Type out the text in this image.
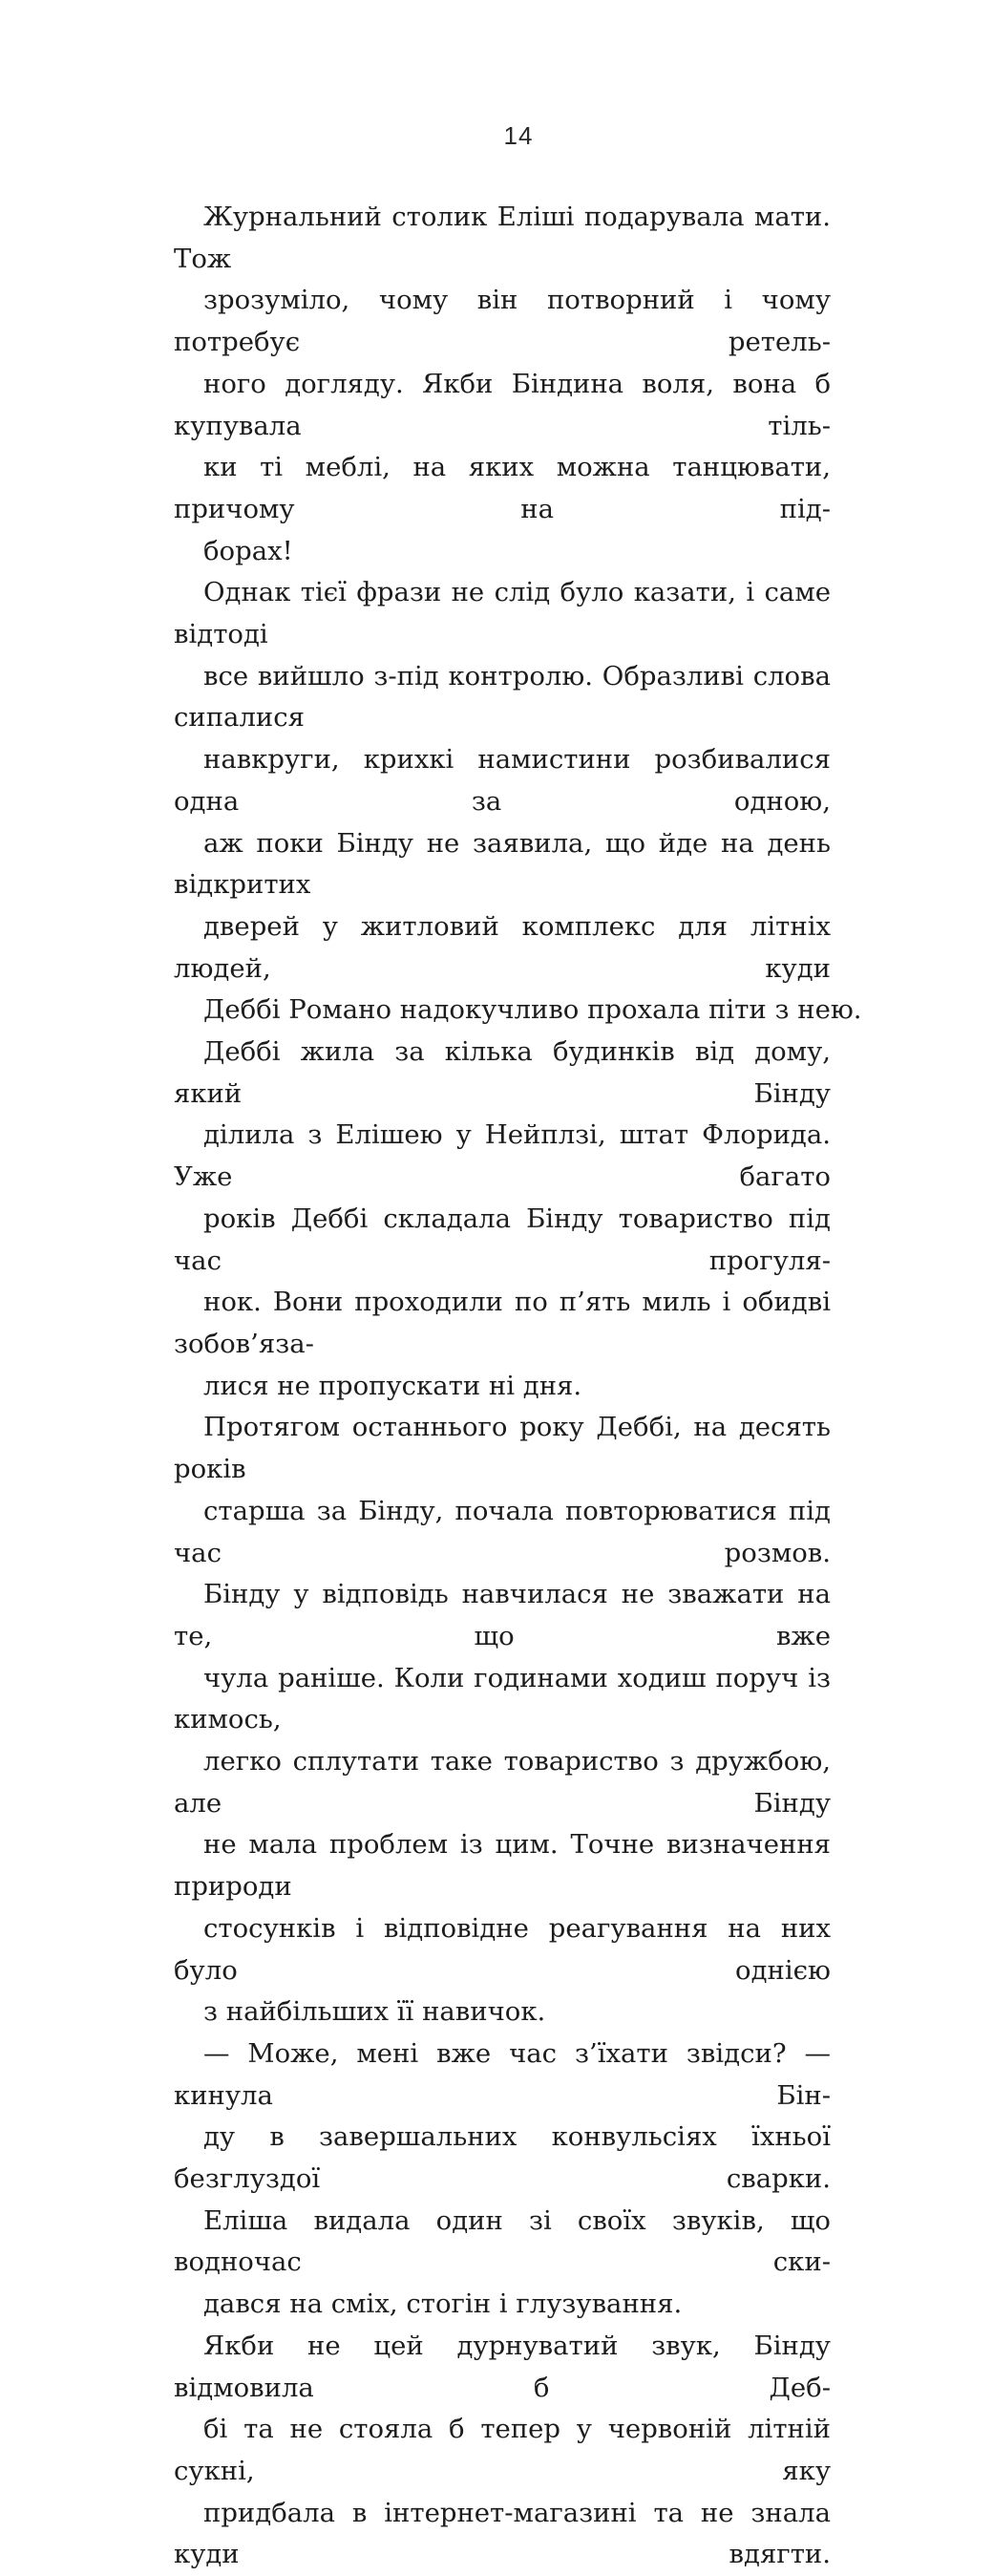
14

Журнальний столик Еліші подарувала мати. Тож
зрозуміло, чому він потворний і чому потребує ретель-
ного догляду. Якби Біндина воля, вона б купувала тіль-
ки ті меблі, на яких можна танцювати, причому на під-
борах!

Однак тієї фрази не слід було казати, і саме відтоді
все вийшло з-під контролю. Образливі слова сипалися
навкруги, крихкі намистини розбивалися одна за одною,
аж поки Бінду не заявила, що йде на день відкритих
дверей у житловий комплекс для літніх людей, куди
Деббі Романо надокучливо прохала піти з нею.

Деббі жила за кілька будинків від дому, який Бінду
ділила з Елішею у Нейплзі, штат Флорида. Уже багато
років Деббі складала Бінду товариство під час прогуля-
нок. Вони проходили по п’ять миль і обидві зобов’яза-
лися не пропускати ні дня.

Протягом останнього року Деббі, на десять років
старша за Бінду, почала повторюватися під час розмов.
Бінду у відповідь навчилася не зважати на те, що вже
чула раніше. Коли годинами ходиш поруч із кимось,
легко сплутати таке товариство з дружбою, але Бінду
не мала проблем із цим. Точне визначення природи
стосунків і відповідне реагування на них було однією
з найбільших її навичок.

— Може, мені вже час з’їхати звідси? — кинула Бін-
ду в завершальних конвульсіях їхньої безглуздої сварки.

Еліша видала один зі своїх звуків, що водночас ски-
дався на сміх, стогін і глузування.

Якби не цей дурнуватий звук, Бінду відмовила б Деб-
бі та не стояла б тепер у червоній літній сукні, яку
придбала в інтернет-магазині та не знала куди вдягти.
